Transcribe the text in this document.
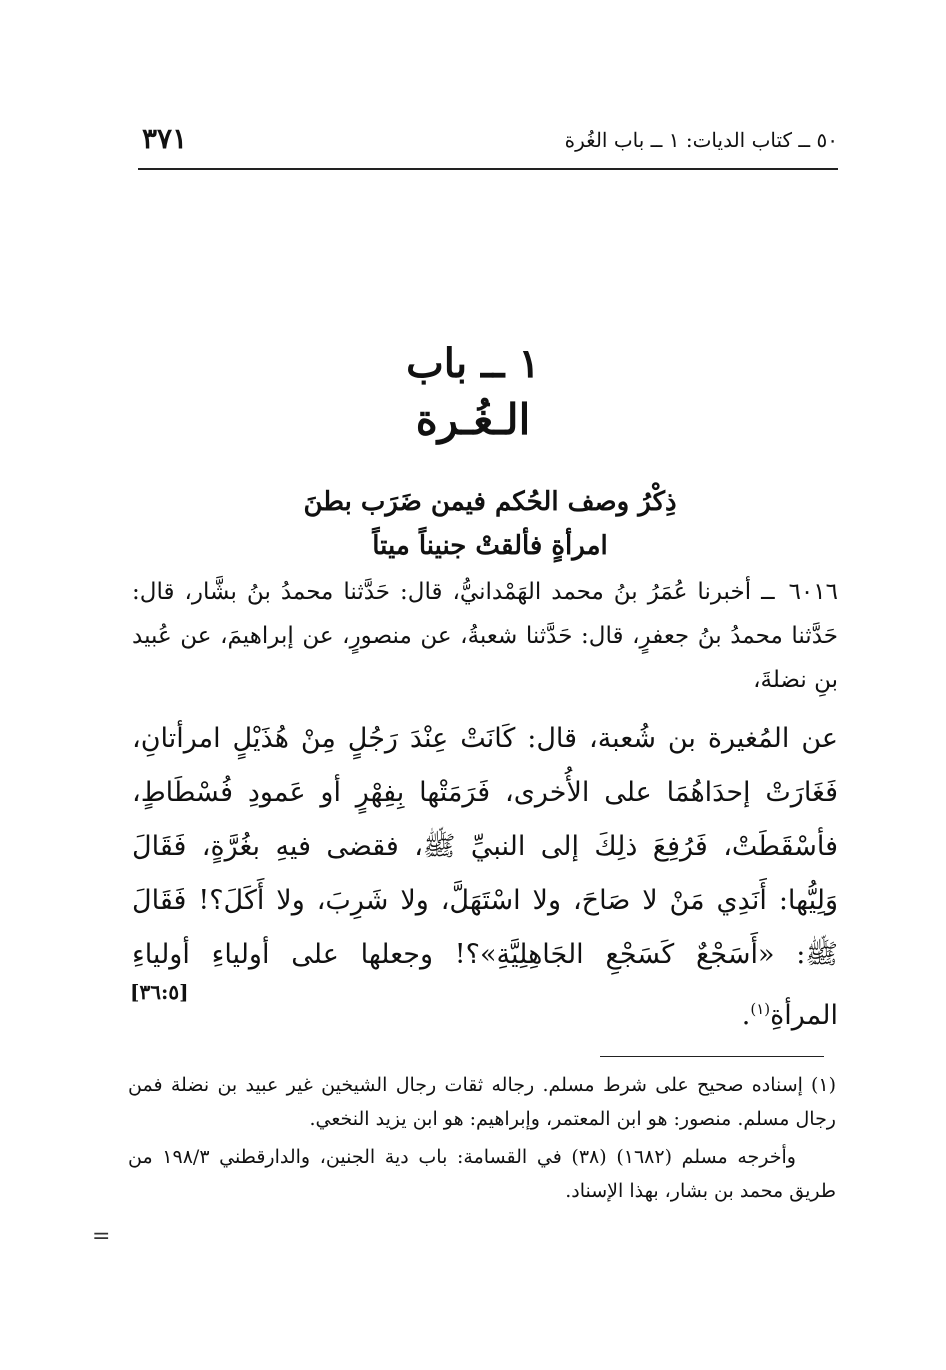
٥٠ ــ كتاب الديات: ١ ــ باب الغُرة
٣٧١
١ ــ باب
الـغُـرة
ذِكْرُ وصف الحُكم فيمن ضَرَب بطنَ
امرأةٍ فألقتْ جنيناً ميتاً
٦٠١٦ ــ أخبرنا عُمَرُ بنُ محمد الهَمْدانيُّ، قال: حَدَّثنا محمدُ بنُ بشَّار، قال: حَدَّثنا محمدُ بنُ جعفرٍ، قال: حَدَّثنا شعبةُ، عن منصورٍ، عن إبراهيمَ، عن عُبيد بنِ نضلةَ،
عن المُغيرة بن شُعبة، قال: كَانَتْ عِنْدَ رَجُلٍ مِنْ هُذَيْلٍ امرأتانِ، فَغَارَتْ إحدَاهُمَا على الأُخرى، فَرَمَتْها بِفِهْرٍ أو عَمودِ فُسْطَاطٍ، فأسْقَطَتْ، فَرُفِعَ ذلِكَ إلى النبيِّ ﷺ، فقضى فيهِ بغُرَّةٍ، فَقَالَ وَلِيُّها: أَنَدِي مَنْ لا صَاحَ، ولا اسْتَهَلَّ، ولا شَرِبَ، ولا أَكَلَ؟! فَقَالَ ﷺ: «أَسَجْعٌ كَسَجْعِ الجَاهِلِيَّةِ»؟! وجعلها على أولياءِ أولياءِ المرأةِ$^{(١)}$.
[٣٦:٥]

(١)إسناده صحيح على شرط مسلم. رجاله ثقات رجال الشيخين غير عبيد بن نضلة فمن رجال مسلم. منصور: هو ابن المعتمر، وإبراهيم: هو ابن يزيد النخعي.

وأخرجه مسلم (١٦٨٢) (٣٨) في القسامة: باب دية الجنين، والدارقطني ١٩٨/٣ من طريق محمد بن بشار، بهذا الإسناد.

=
